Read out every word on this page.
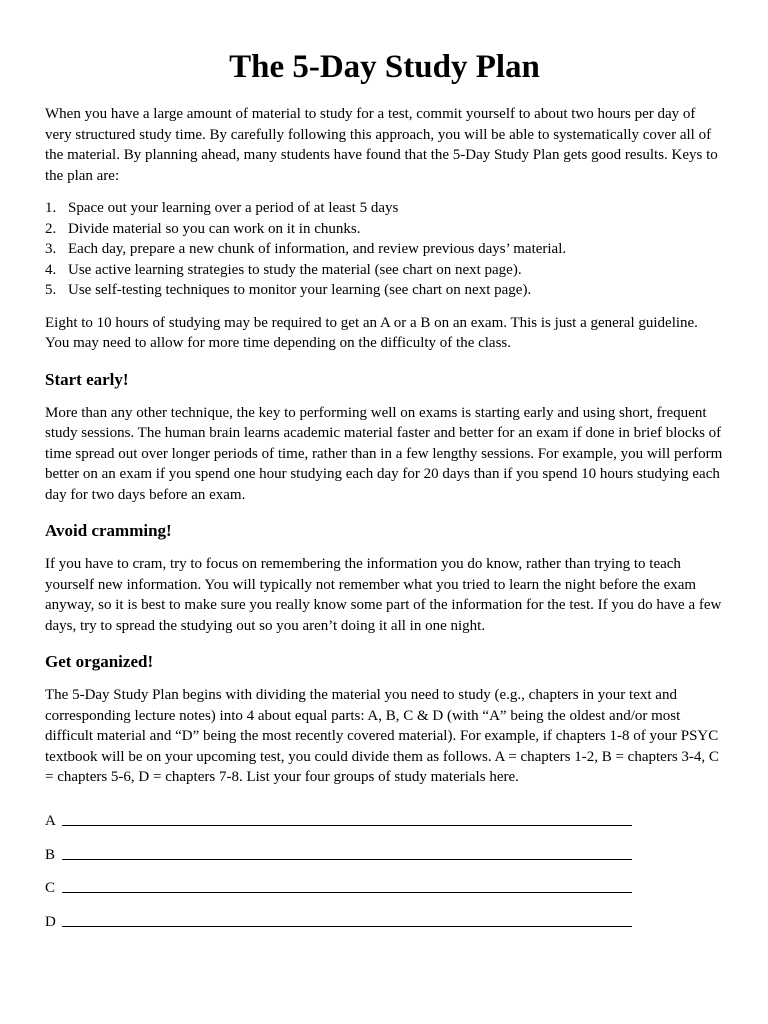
The 5-Day Study Plan

When you have a large amount of material to study for a test, commit yourself to about two hours per day of very structured study time. By carefully following this approach, you will be able to systematically cover all of the material. By planning ahead, many students have found that the 5-Day Study Plan gets good results. Keys to the plan are:

1. Space out your learning over a period of at least 5 days
2. Divide material so you can work on it in chunks.
3. Each day, prepare a new chunk of information, and review previous days’ material.
4. Use active learning strategies to study the material (see chart on next page).
5. Use self-testing techniques to monitor your learning (see chart on next page).

Eight to 10 hours of studying may be required to get an A or a B on an exam. This is just a general guideline. You may need to allow for more time depending on the difficulty of the class.

Start early!

More than any other technique, the key to performing well on exams is starting early and using short, frequent study sessions. The human brain learns academic material faster and better for an exam if done in brief blocks of time spread out over longer periods of time, rather than in a few lengthy sessions. For example, you will perform better on an exam if you spend one hour studying each day for 20 days than if you spend 10 hours studying each day for two days before an exam.

Avoid cramming!

If you have to cram, try to focus on remembering the information you do know, rather than trying to teach yourself new information. You will typically not remember what you tried to learn the night before the exam anyway, so it is best to make sure you really know some part of the information for the test. If you do have a few days, try to spread the studying out so you aren’t doing it all in one night.

Get organized!

The 5-Day Study Plan begins with dividing the material you need to study (e.g., chapters in your text and corresponding lecture notes) into 4 about equal parts: A, B, C & D (with “A” being the oldest and/or most difficult material and “D” being the most recently covered material). For example, if chapters 1-8 of your PSYC textbook will be on your upcoming test, you could divide them as follows. A = chapters 1-2, B = chapters 3-4, C = chapters 5-6, D = chapters 7-8. List your four groups of study materials here.

A
B
C
D
